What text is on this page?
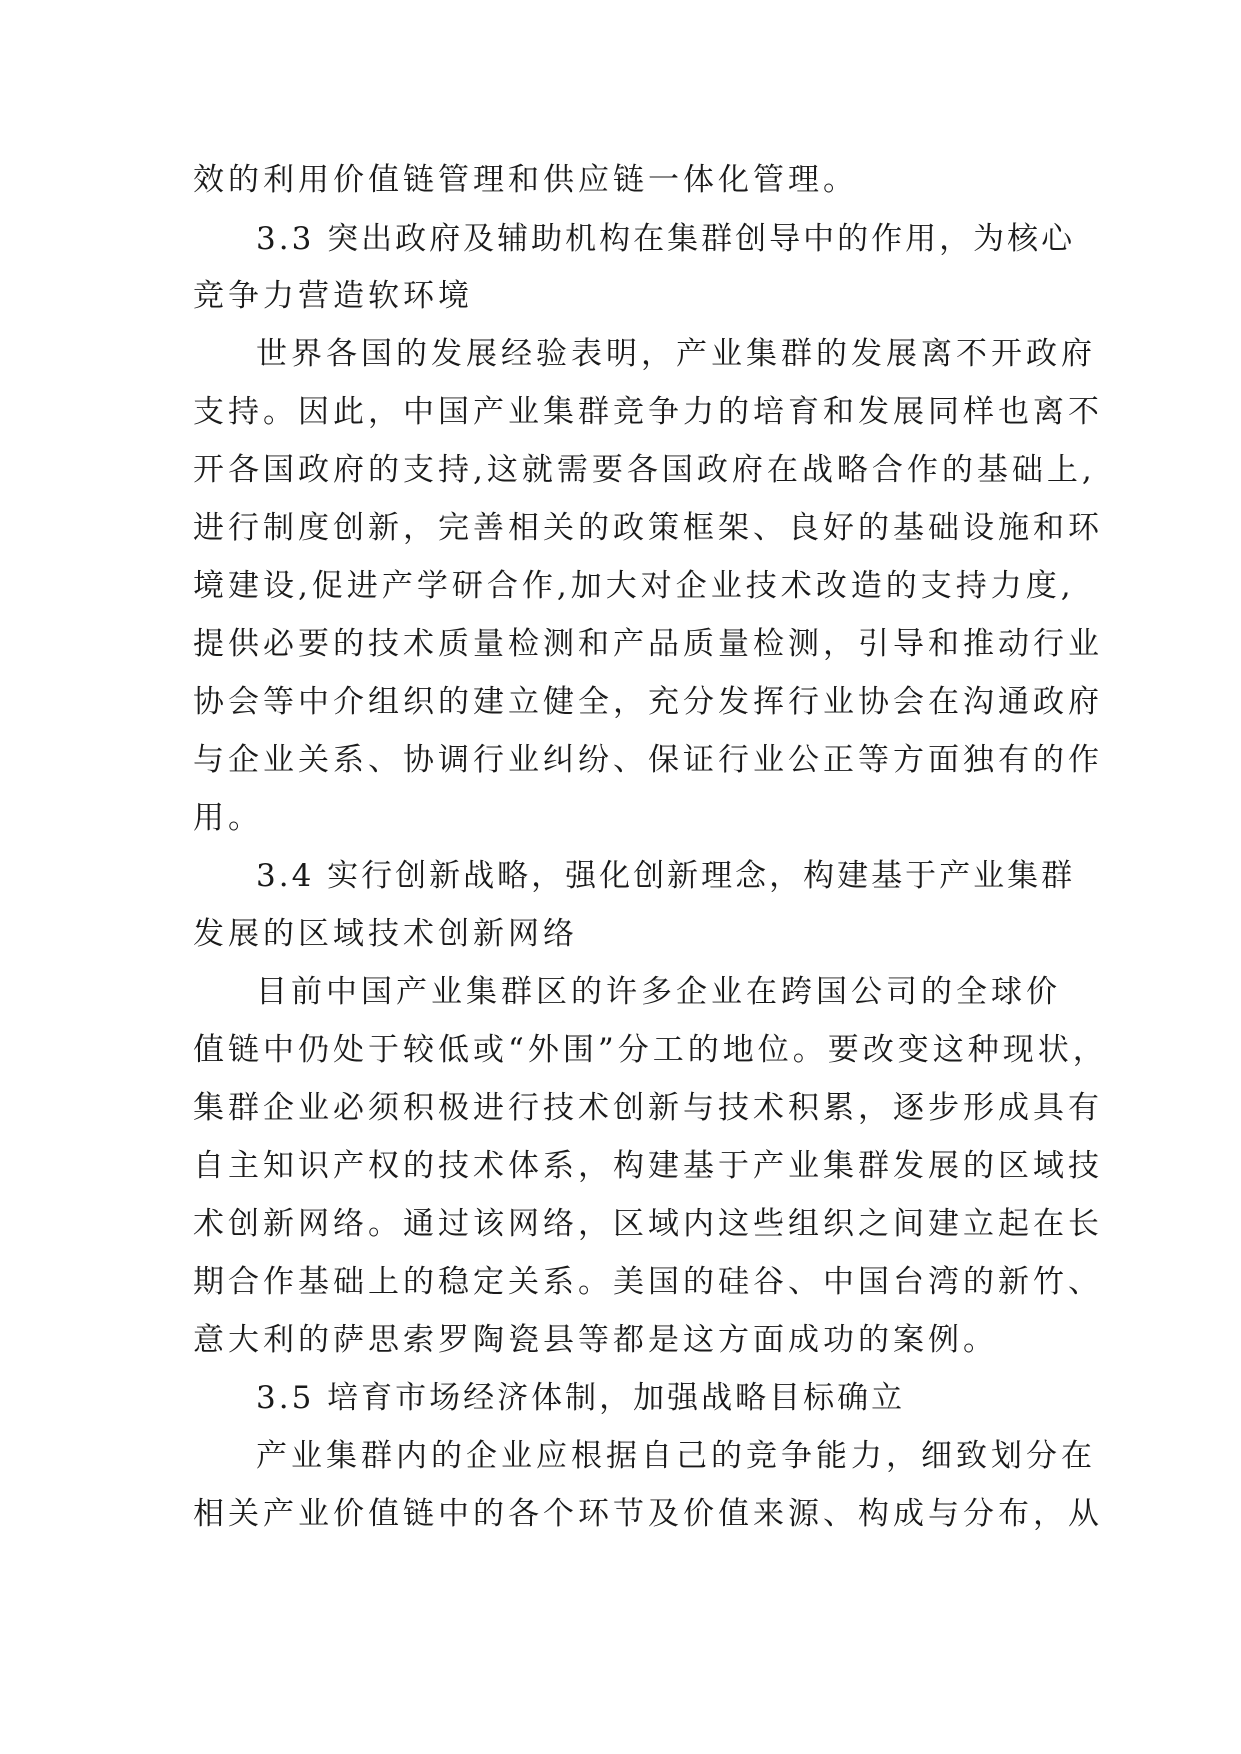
效的利用价值链管理和供应链一体化管理。
3.3 突出政府及辅助机构在集群创导中的作用，为核心
竞争力营造软环境
世界各国的发展经验表明，产业集群的发展离不开政府
支持。因此，中国产业集群竞争力的培育和发展同样也离不
开各国政府的支持,这就需要各国政府在战略合作的基础上,
进行制度创新，完善相关的政策框架、良好的基础设施和环
境建设,促进产学研合作,加大对企业技术改造的支持力度,
提供必要的技术质量检测和产品质量检测，引导和推动行业
协会等中介组织的建立健全，充分发挥行业协会在沟通政府
与企业关系、协调行业纠纷、保证行业公正等方面独有的作
用。
3.4 实行创新战略，强化创新理念，构建基于产业集群
发展的区域技术创新网络
目前中国产业集群区的许多企业在跨国公司的全球价
值链中仍处于较低或“外围”分工的地位。要改变这种现状，
集群企业必须积极进行技术创新与技术积累，逐步形成具有
自主知识产权的技术体系，构建基于产业集群发展的区域技
术创新网络。通过该网络，区域内这些组织之间建立起在长
期合作基础上的稳定关系。美国的硅谷、中国台湾的新竹、
意大利的萨思索罗陶瓷县等都是这方面成功的案例。
3.5 培育市场经济体制，加强战略目标确立
产业集群内的企业应根据自己的竞争能力，细致划分在
相关产业价值链中的各个环节及价值来源、构成与分布，从
